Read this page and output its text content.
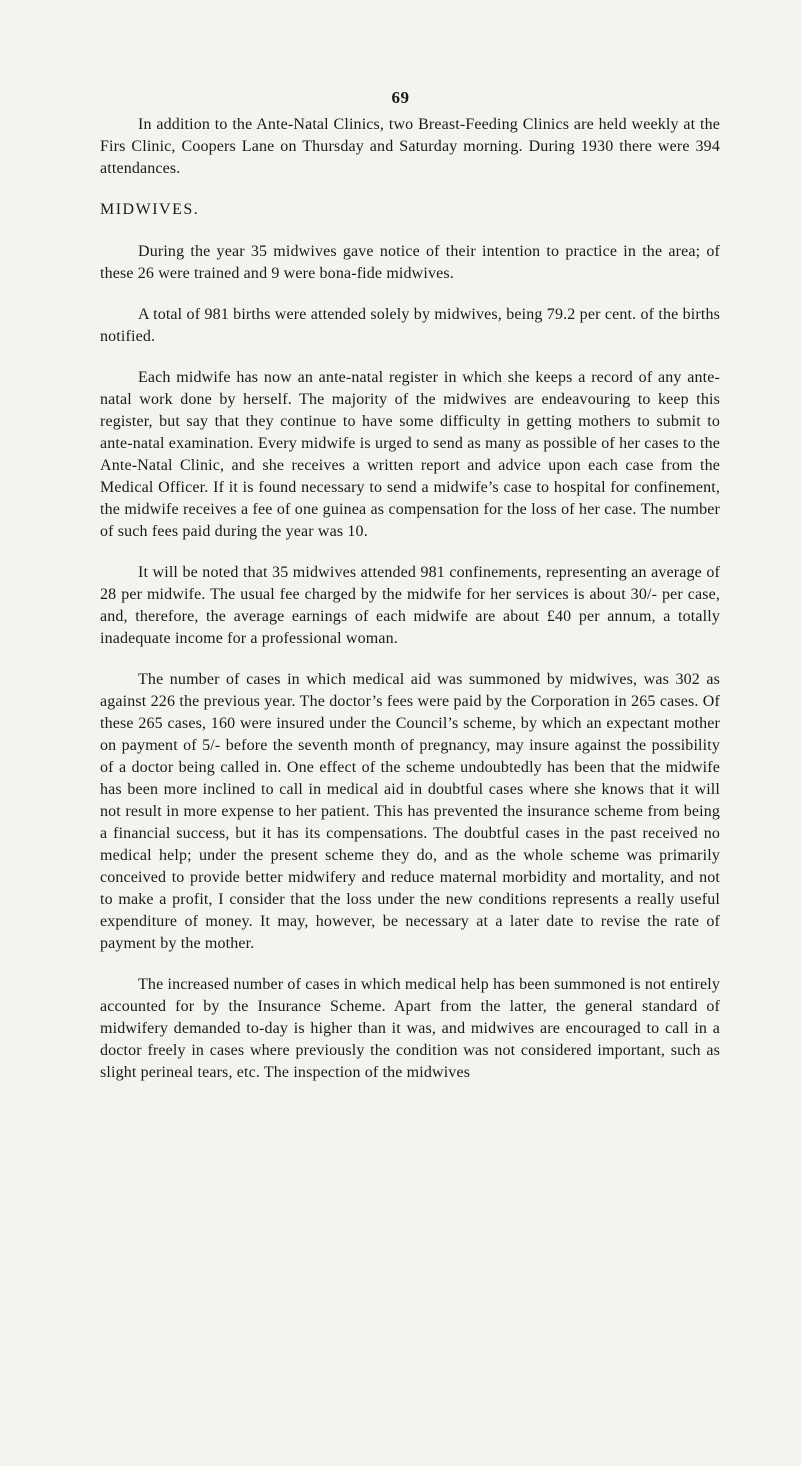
69

In addition to the Ante-Natal Clinics, two Breast-Feeding Clinics are held weekly at the Firs Clinic, Coopers Lane on Thursday and Saturday morning. During 1930 there were 394 attendances.

MIDWIVES.

During the year 35 midwives gave notice of their intention to practice in the area; of these 26 were trained and 9 were bona-fide midwives.

A total of 981 births were attended solely by midwives, being 79.2 per cent. of the births notified.

Each midwife has now an ante-natal register in which she keeps a record of any ante-natal work done by herself. The majority of the midwives are endeavouring to keep this register, but say that they continue to have some difficulty in getting mothers to submit to ante-natal examination. Every midwife is urged to send as many as possible of her cases to the Ante-Natal Clinic, and she receives a written report and advice upon each case from the Medical Officer. If it is found necessary to send a midwife’s case to hospital for confinement, the midwife receives a fee of one guinea as compensation for the loss of her case. The number of such fees paid during the year was 10.

It will be noted that 35 midwives attended 981 confinements, representing an average of 28 per midwife. The usual fee charged by the midwife for her services is about 30/- per case, and, therefore, the average earnings of each midwife are about £40 per annum, a totally inadequate income for a professional woman.

The number of cases in which medical aid was summoned by midwives, was 302 as against 226 the previous year. The doctor’s fees were paid by the Corporation in 265 cases. Of these 265 cases, 160 were insured under the Council’s scheme, by which an expectant mother on payment of 5/- before the seventh month of pregnancy, may insure against the possibility of a doctor being called in. One effect of the scheme undoubtedly has been that the midwife has been more inclined to call in medical aid in doubtful cases where she knows that it will not result in more expense to her patient. This has prevented the insurance scheme from being a financial success, but it has its compensations. The doubtful cases in the past received no medical help; under the present scheme they do, and as the whole scheme was primarily conceived to provide better midwifery and reduce maternal morbidity and mortality, and not to make a profit, I consider that the loss under the new conditions represents a really useful expenditure of money. It may, however, be necessary at a later date to revise the rate of payment by the mother.

The increased number of cases in which medical help has been summoned is not entirely accounted for by the Insurance Scheme. Apart from the latter, the general standard of midwifery demanded to-day is higher than it was, and midwives are encouraged to call in a doctor freely in cases where previously the condition was not considered important, such as slight perineal tears, etc. The inspection of the midwives
